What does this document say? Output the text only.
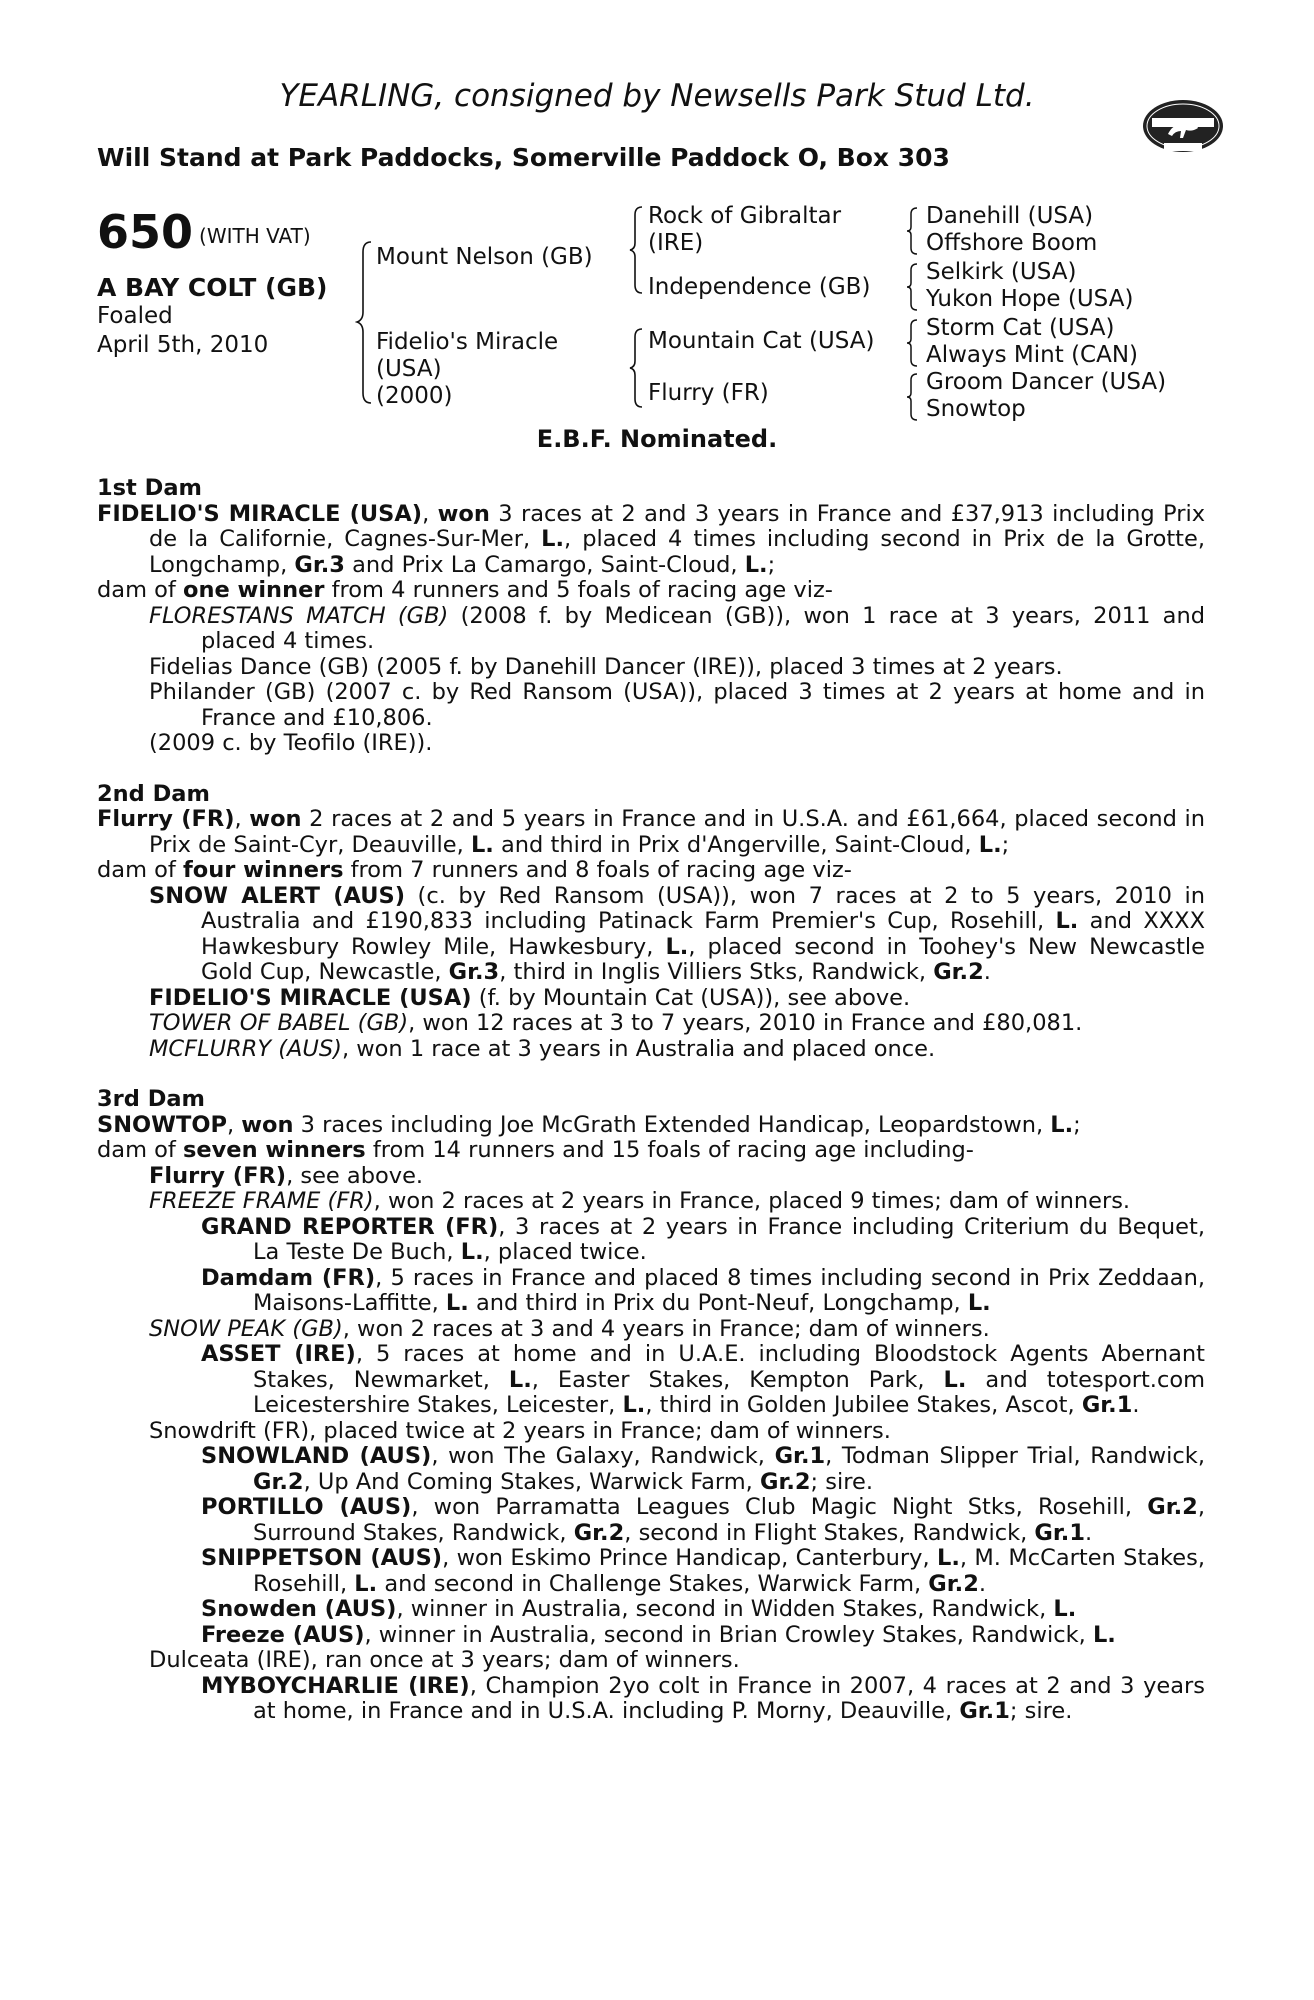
YEARLING, consigned by Newsells Park Stud Ltd.
Will Stand at Park Paddocks, Somerville Paddock O, Box 303
650 (WITH VAT)
A BAY COLT (GB)
Foaled
April 5th, 2010
Mount Nelson (GB)
Fidelio's Miracle
(USA)
(2000)
Rock of Gibraltar
(IRE)
Independence (GB)
Mountain Cat (USA)
Flurry (FR)
Danehill (USA)
Offshore Boom
Selkirk (USA)
Yukon Hope (USA)
Storm Cat (USA)
Always Mint (CAN)
Groom Dancer (USA)
Snowtop
E.B.F. Nominated.

1st Dam

FIDELIO'S MIRACLE (USA), won 3 races at 2 and 3 years in France and £37,913 including Prix de la Californie, Cagnes-Sur-Mer, L., placed 4 times including second in Prix de la Grotte, Longchamp, Gr.3 and Prix La Camargo, Saint-Cloud, L.;

dam of one winner from 4 runners and 5 foals of racing age viz-

FLORESTANS MATCH (GB) (2008 f. by Medicean (GB)), won 1 race at 3 years, 2011 and placed 4 times.

Fidelias Dance (GB) (2005 f. by Danehill Dancer (IRE)), placed 3 times at 2 years.

Philander (GB) (2007 c. by Red Ransom (USA)), placed 3 times at 2 years at home and in France and £10,806.

(2009 c. by Teofilo (IRE)).

2nd Dam

Flurry (FR), won 2 races at 2 and 5 years in France and in U.S.A. and £61,664, placed second in Prix de Saint-Cyr, Deauville, L. and third in Prix d'Angerville, Saint-Cloud, L.;

dam of four winners from 7 runners and 8 foals of racing age viz-

SNOW ALERT (AUS) (c. by Red Ransom (USA)), won 7 races at 2 to 5 years, 2010 in Australia and £190,833 including Patinack Farm Premier's Cup, Rosehill, L. and XXXX Hawkesbury Rowley Mile, Hawkesbury, L., placed second in Toohey's New Newcastle Gold Cup, Newcastle, Gr.3, third in Inglis Villiers Stks, Randwick, Gr.2.

FIDELIO'S MIRACLE (USA) (f. by Mountain Cat (USA)), see above.

TOWER OF BABEL (GB), won 12 races at 3 to 7 years, 2010 in France and £80,081.

MCFLURRY (AUS), won 1 race at 3 years in Australia and placed once.

3rd Dam

SNOWTOP, won 3 races including Joe McGrath Extended Handicap, Leopardstown, L.;

dam of seven winners from 14 runners and 15 foals of racing age including-

Flurry (FR), see above.

FREEZE FRAME (FR), won 2 races at 2 years in France, placed 9 times; dam of winners.

GRAND REPORTER (FR), 3 races at 2 years in France including Criterium du Bequet, La Teste De Buch, L., placed twice.

Damdam (FR), 5 races in France and placed 8 times including second in Prix Zeddaan, Maisons-Laffitte, L. and third in Prix du Pont-Neuf, Longchamp, L.

SNOW PEAK (GB), won 2 races at 3 and 4 years in France; dam of winners.

ASSET (IRE), 5 races at home and in U.A.E. including Bloodstock Agents Abernant Stakes, Newmarket, L., Easter Stakes, Kempton Park, L. and totesport.com Leicestershire Stakes, Leicester, L., third in Golden Jubilee Stakes, Ascot, Gr.1.

Snowdrift (FR), placed twice at 2 years in France; dam of winners.

SNOWLAND (AUS), won The Galaxy, Randwick, Gr.1, Todman Slipper Trial, Randwick, Gr.2, Up And Coming Stakes, Warwick Farm, Gr.2; sire.

PORTILLO (AUS), won Parramatta Leagues Club Magic Night Stks, Rosehill, Gr.2, Surround Stakes, Randwick, Gr.2, second in Flight Stakes, Randwick, Gr.1.

SNIPPETSON (AUS), won Eskimo Prince Handicap, Canterbury, L., M. McCarten Stakes, Rosehill, L. and second in Challenge Stakes, Warwick Farm, Gr.2.

Snowden (AUS), winner in Australia, second in Widden Stakes, Randwick, L.

Freeze (AUS), winner in Australia, second in Brian Crowley Stakes, Randwick, L.

Dulceata (IRE), ran once at 3 years; dam of winners.

MYBOYCHARLIE (IRE), Champion 2yo colt in France in 2007, 4 races at 2 and 3 years at home, in France and in U.S.A. including P. Morny, Deauville, Gr.1; sire.
